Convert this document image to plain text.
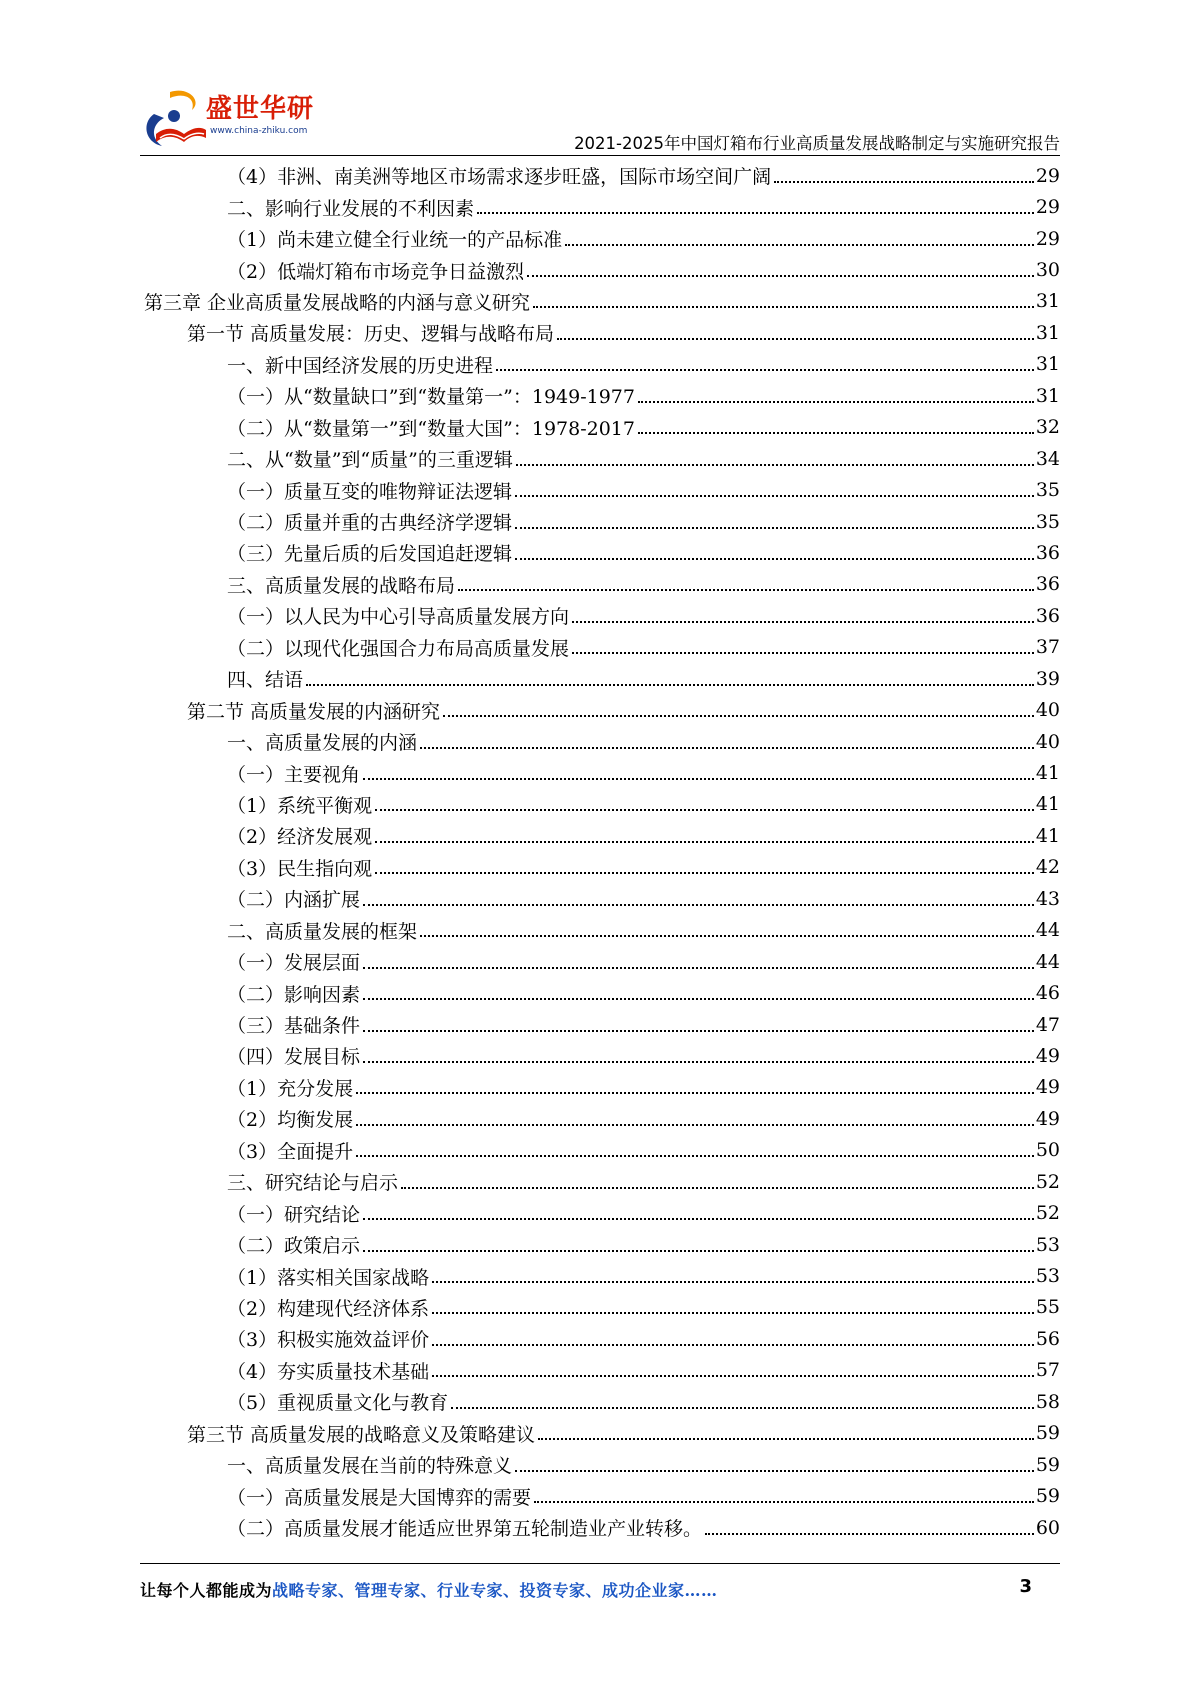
盛世华研
www.china-zhiku.com
2021-2025年中国灯箱布行业高质量发展战略制定与实施研究报告
（4）非洲、南美洲等地区市场需求逐步旺盛，国际市场空间广阔	29
二、影响行业发展的不利因素	29
（1）尚未建立健全行业统一的产品标准	29
（2）低端灯箱布市场竞争日益激烈	30
第三章 企业高质量发展战略的内涵与意义研究	31
第一节 高质量发展：历史、逻辑与战略布局	31
一、新中国经济发展的历史进程	31
（一）从“数量缺口”到“数量第一”：1949-1977	31
（二）从“数量第一”到“数量大国”：1978-2017	32
二、从“数量”到“质量”的三重逻辑	34
（一）质量互变的唯物辩证法逻辑	35
（二）质量并重的古典经济学逻辑	35
（三）先量后质的后发国追赶逻辑	36
三、高质量发展的战略布局	36
（一）以人民为中心引导高质量发展方向	36
（二）以现代化强国合力布局高质量发展	37
四、结语	39
第二节 高质量发展的内涵研究	40
一、高质量发展的内涵	40
（一）主要视角	41
（1）系统平衡观	41
（2）经济发展观	41
（3）民生指向观	42
（二）内涵扩展	43
二、高质量发展的框架	44
（一）发展层面	44
（二）影响因素	46
（三）基础条件	47
（四）发展目标	49
（1）充分发展	49
（2）均衡发展	49
（3）全面提升	50
三、研究结论与启示	52
（一）研究结论	52
（二）政策启示	53
（1）落实相关国家战略	53
（2）构建现代经济体系	55
（3）积极实施效益评价	56
（4）夯实质量技术基础	57
（5）重视质量文化与教育	58
第三节 高质量发展的战略意义及策略建议	59
一、高质量发展在当前的特殊意义	59
（一）高质量发展是大国博弈的需要	59
（二）高质量发展才能适应世界第五轮制造业产业转移。	60
让每个人都能成为战略专家、管理专家、行业专家、投资专家、成功企业家……	3
